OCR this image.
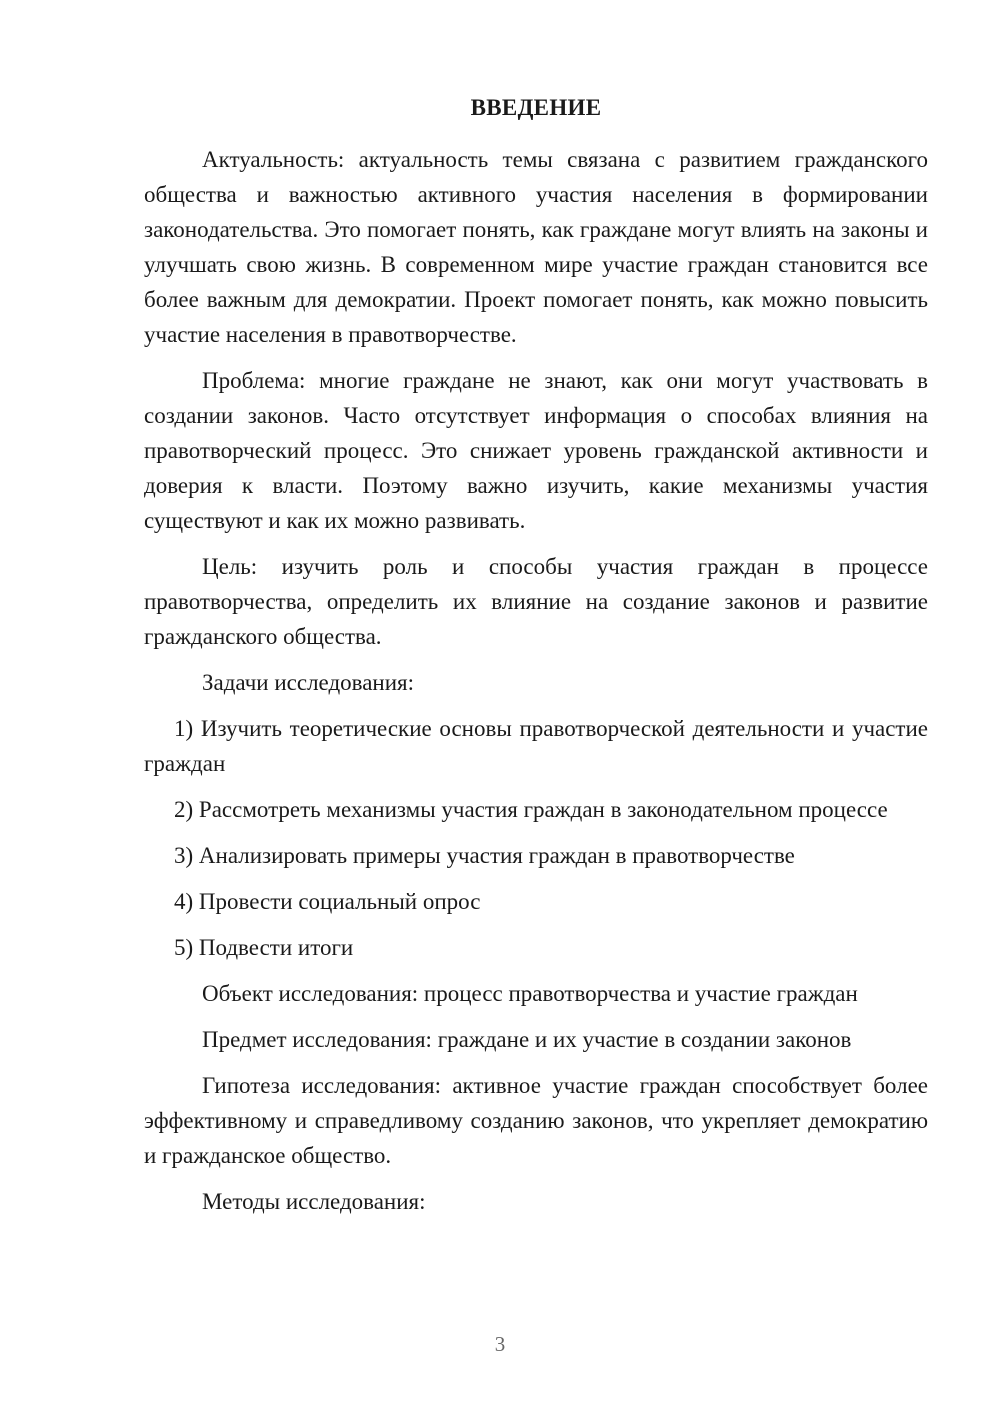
ВВЕДЕНИЕ

Актуальность: актуальность темы связана с развитием гражданского общества и важностью активного участия населения в формировании законодательства. Это помогает понять, как граждане могут влиять на законы и улучшать свою жизнь. В современном мире участие граждан становится все более важным для демократии. Проект помогает понять, как можно повысить участие населения в правотворчестве.

Проблема: многие граждане не знают, как они могут участвовать в создании законов. Часто отсутствует информация о способах влияния на правотворческий процесс. Это снижает уровень гражданской активности и доверия к власти. Поэтому важно изучить, какие механизмы участия существуют и как их можно развивать.

Цель: изучить роль и способы участия граждан в процессе правотворчества, определить их влияние на создание законов и развитие гражданского общества.

Задачи исследования:

1) Изучить теоретические основы правотворческой деятельности и участие граждан

2) Рассмотреть механизмы участия граждан в законодательном процессе

3) Анализировать примеры участия граждан в правотворчестве

4) Провести социальный опрос

5) Подвести итоги

Объект исследования: процесс правотворчества и участие граждан

Предмет исследования: граждане и их участие в создании законов

Гипотеза исследования: активное участие граждан способствует более эффективному и справедливому созданию законов, что укрепляет демократию и гражданское общество.

Методы исследования:

3
